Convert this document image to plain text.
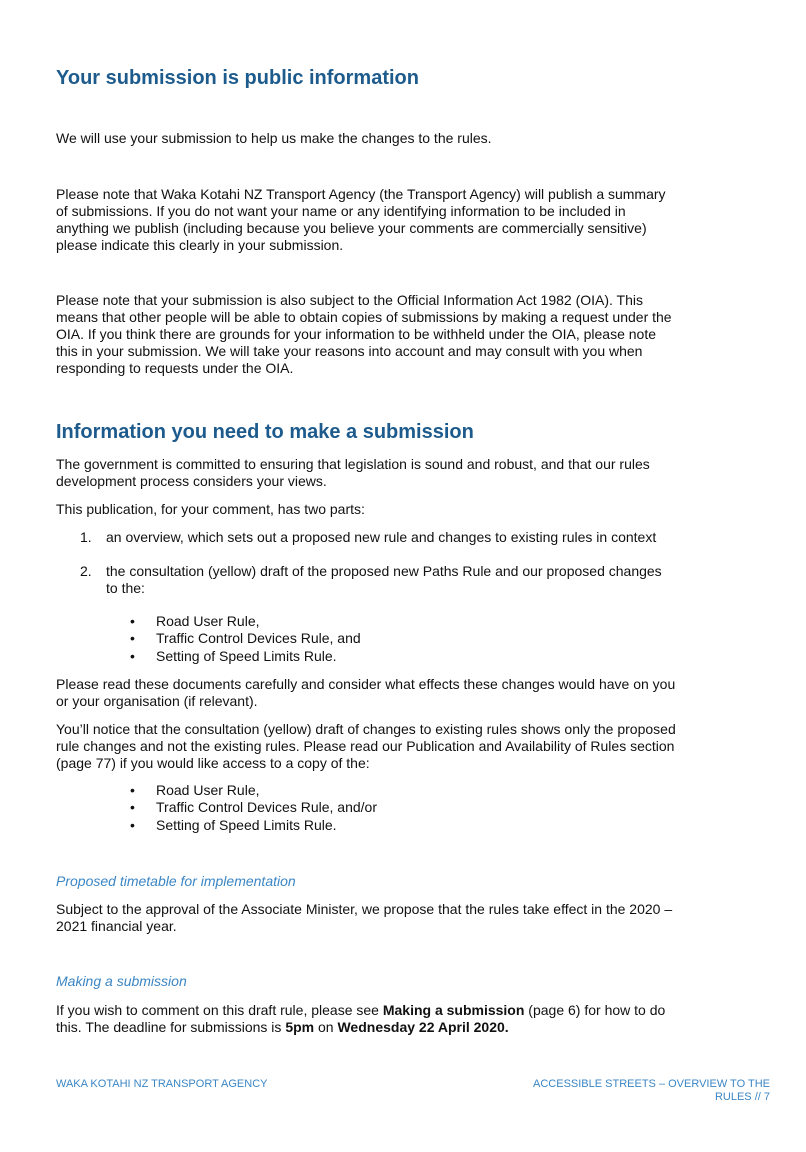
Your submission is public information

We will use your submission to help us make the changes to the rules.

Please note that Waka Kotahi NZ Transport Agency (the Transport Agency) will publish a summary of submissions. If you do not want your name or any identifying information to be included in anything we publish (including because you believe your comments are commercially sensitive) please indicate this clearly in your submission.

Please note that your submission is also subject to the Official Information Act 1982 (OIA). This means that other people will be able to obtain copies of submissions by making a request under the OIA. If you think there are grounds for your information to be withheld under the OIA, please note this in your submission. We will take your reasons into account and may consult with you when responding to requests under the OIA.

Information you need to make a submission

The government is committed to ensuring that legislation is sound and robust, and that our rules development process considers your views.

This publication, for your comment, has two parts:

1. an overview, which sets out a proposed new rule and changes to existing rules in context
2. the consultation (yellow) draft of the proposed new Paths Rule and our proposed changes to the:
• Road User Rule,
• Traffic Control Devices Rule, and
• Setting of Speed Limits Rule.

Please read these documents carefully and consider what effects these changes would have on you or your organisation (if relevant).

You’ll notice that the consultation (yellow) draft of changes to existing rules shows only the proposed rule changes and not the existing rules. Please read our Publication and Availability of Rules section (page 77) if you would like access to a copy of the:

• Road User Rule,
• Traffic Control Devices Rule, and/or
• Setting of Speed Limits Rule.
Proposed timetable for implementation

Subject to the approval of the Associate Minister, we propose that the rules take effect in the 2020 – 2021 financial year.

Making a submission

If you wish to comment on this draft rule, please see Making a submission (page 6) for how to do this. The deadline for submissions is 5pm on Wednesday 22 April 2020.

WAKA KOTAHI NZ TRANSPORT AGENCY	ACCESSIBLE STREETS – OVERVIEW TO THE
RULES // 7
